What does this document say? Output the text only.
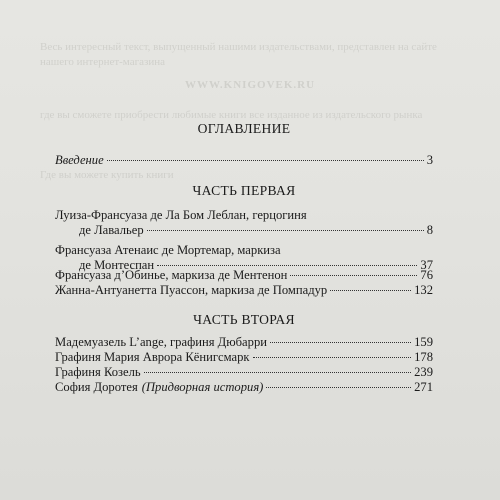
Весь интересный текст, выпущенный нашими издательствами, представлен на сайте нашего интернет-магазина

WWW.KNIGOVEK.RU

где вы сможете приобрести любимые книги все изданное из издательского рынка

Где вы можете купить книги

ОГЛАВЛЕНИЕ
Введение	3
ЧАСТЬ ПЕРВАЯ
Луиза-Франсуаза де Ла Бом Леблан, герцогиня
де Лавальер	8
Франсуаза Атенаис де Мортемар, маркиза
де Монтеспан	37
Франсуаза д’Обинье, маркиза де Ментенон	76
Жанна-Антуанетта Пуассон, маркиза де Помпадур	132
ЧАСТЬ ВТОРАЯ
Мадемуазель L’ange, графиня Дюбарри	159
Графиня Мария Аврора Кёнигсмарк	178
Графиня Козель	239
София Доротея (Придворная история)	271
